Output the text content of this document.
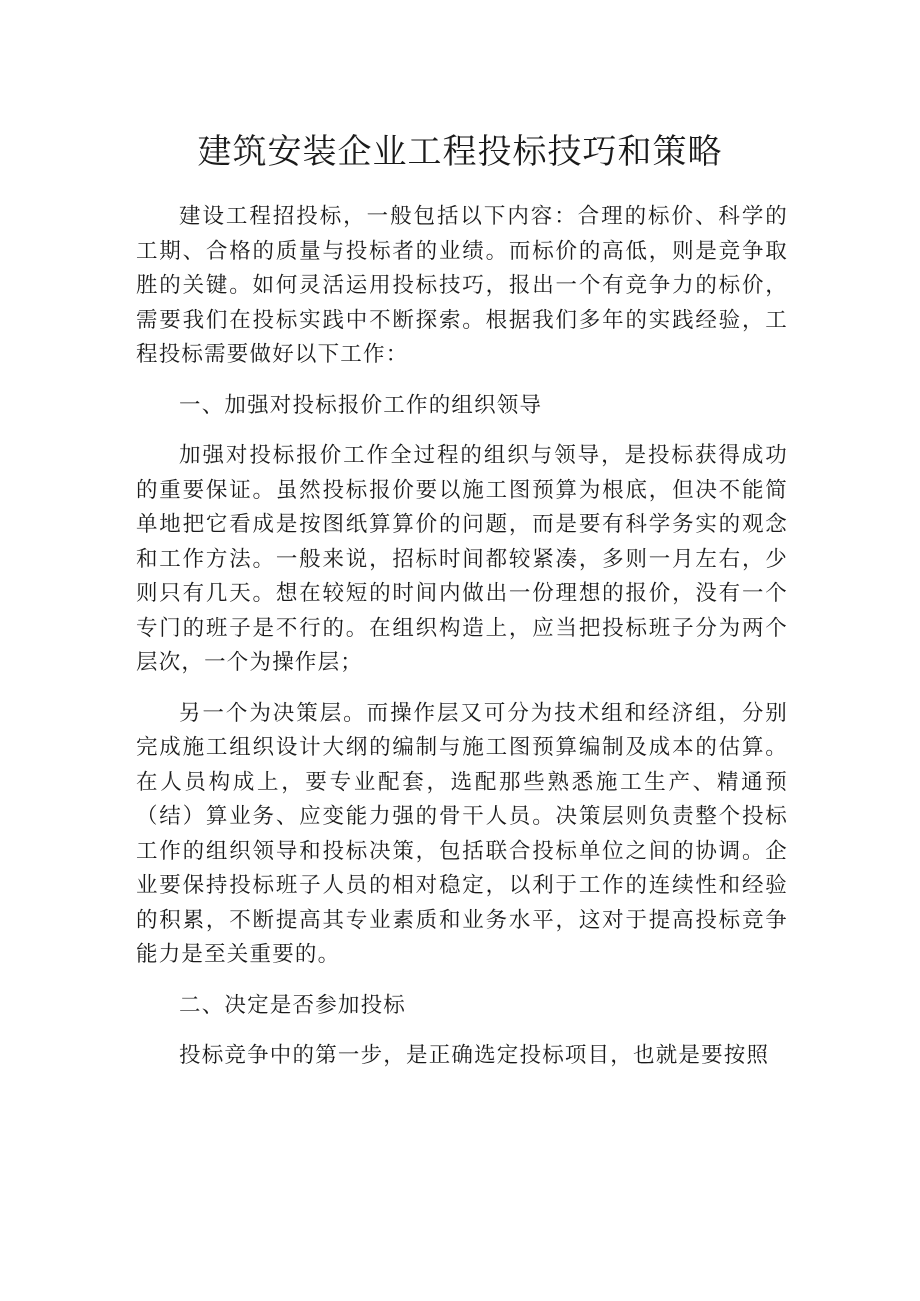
建筑安装企业工程投标技巧和策略

建设工程招投标，一般包括以下内容：合理的标价、科学的工期、合格的质量与投标者的业绩。而标价的高低，则是竞争取胜的关键。如何灵活运用投标技巧，报出一个有竞争力的标价，需要我们在投标实践中不断探索。根据我们多年的实践经验，工程投标需要做好以下工作：

一、加强对投标报价工作的组织领导

加强对投标报价工作全过程的组织与领导，是投标获得成功的重要保证。虽然投标报价要以施工图预算为根底，但决不能简单地把它看成是按图纸算算价的问题，而是要有科学务实的观念和工作方法。一般来说，招标时间都较紧凑，多则一月左右，少则只有几天。想在较短的时间内做出一份理想的报价，没有一个专门的班子是不行的。在组织构造上，应当把投标班子分为两个层次，一个为操作层；

另一个为决策层。而操作层又可分为技术组和经济组，分别完成施工组织设计大纲的编制与施工图预算编制及成本的估算。在人员构成上，要专业配套，选配那些熟悉施工生产、精通预（结）算业务、应变能力强的骨干人员。决策层则负责整个投标工作的组织领导和投标决策，包括联合投标单位之间的协调。企业要保持投标班子人员的相对稳定，以利于工作的连续性和经验的积累，不断提高其专业素质和业务水平，这对于提高投标竞争能力是至关重要的。

二、决定是否参加投标

投标竞争中的第一步，是正确选定投标项目，也就是要按照
